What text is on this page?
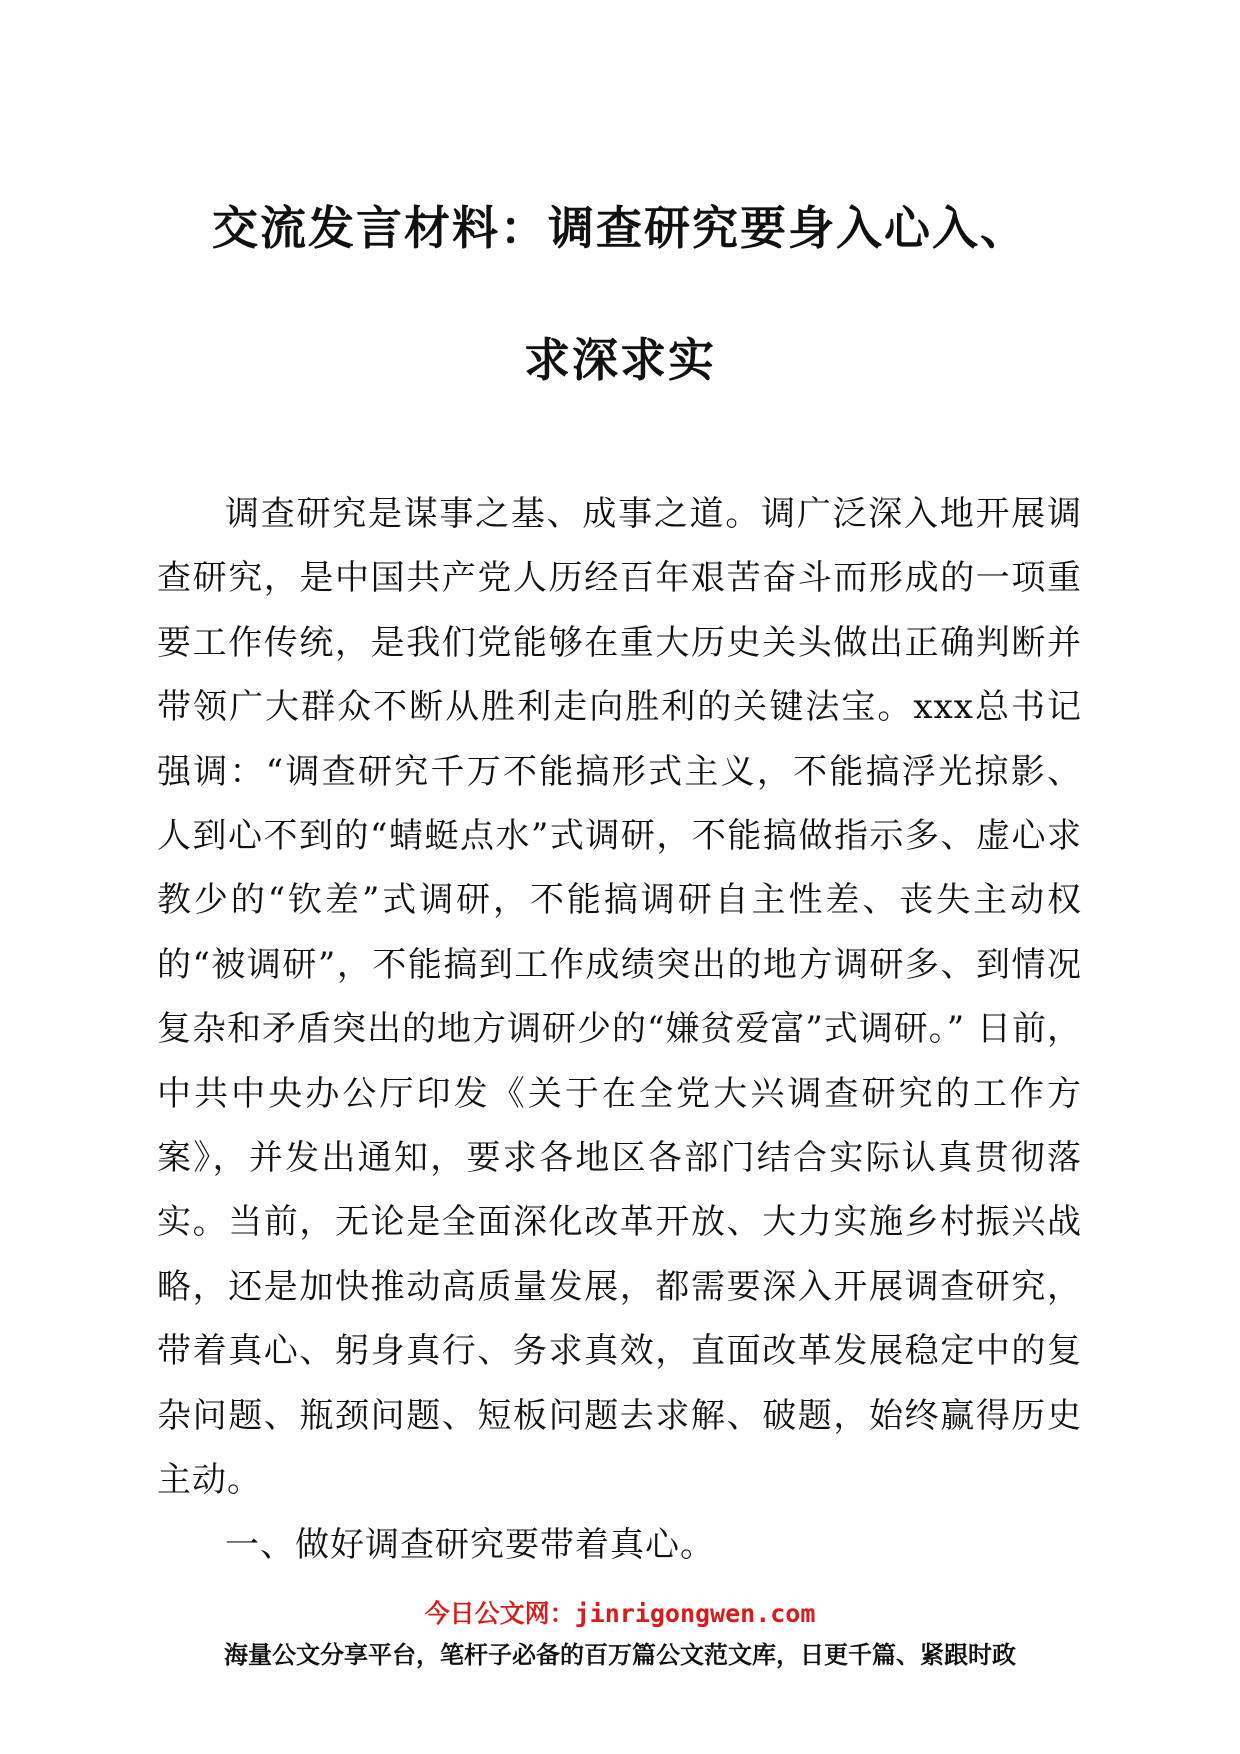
交流发言材料：调查研究要身入心入、
求深求实

调查研究是谋事之基、成事之道。调广泛深入地开展调查研究，是中国共产党人历经百年艰苦奋斗而形成的一项重要工作传统，是我们党能够在重大历史关头做出正确判断并带领广大群众不断从胜利走向胜利的关键法宝。xxx总书记强调：“调查研究千万不能搞形式主义，不能搞浮光掠影、人到心不到的“蜻蜓点水”式调研，不能搞做指示多、虚心求教少的“钦差”式调研，不能搞调研自主性差、丧失主动权的“被调研”，不能搞到工作成绩突出的地方调研多、到情况复杂和矛盾突出的地方调研少的“嫌贫爱富”式调研。” 日前，中共中央办公厅印发《关于在全党大兴调查研究的工作方案》，并发出通知，要求各地区各部门结合实际认真贯彻落实。当前，无论是全面深化改革开放、大力实施乡村振兴战略，还是加快推动高质量发展，都需要深入开展调查研究，带着真心、躬身真行、务求真效，直面改革发展稳定中的复杂问题、瓶颈问题、短板问题去求解、破题，始终赢得历史主动。

一、做好调查研究要带着真心。

今日公文网：jinrigongwen.com
海量公文分享平台，笔杆子必备的百万篇公文范文库，日更千篇、紧跟时政
